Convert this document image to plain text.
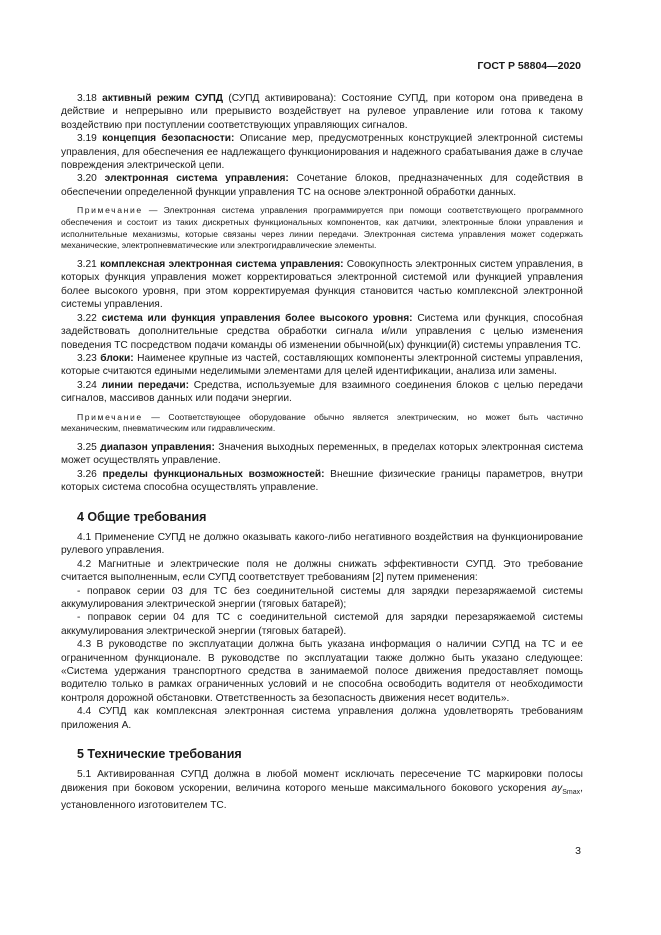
ГОСТ Р 58804—2020

3.18 активный режим СУПД (СУПД активирована): Состояние СУПД, при котором она приведена в действие и непрерывно или прерывисто воздействует на рулевое управление или готова к такому воздействию при поступлении соответствующих управляющих сигналов.

3.19 концепция безопасности: Описание мер, предусмотренных конструкцией электронной системы управления, для обеспечения ее надлежащего функционирования и надежного срабатывания даже в случае повреждения электрической цепи.

3.20 электронная система управления: Сочетание блоков, предназначенных для содействия в обеспечении определенной функции управления ТС на основе электронной обработки данных.

Примечание — Электронная система управления программируется при помощи соответствующего программного обеспечения и состоит из таких дискретных функциональных компонентов, как датчики, электронные блоки управления и исполнительные механизмы, которые связаны через линии передачи. Электронная система управления может содержать механические, электропневматические или электрогидравлические элементы.

3.21 комплексная электронная система управления: Совокупность электронных систем управления, в которых функция управления может корректироваться электронной системой или функцией управления более высокого уровня, при этом корректируемая функция становится частью комплексной электронной системы управления.

3.22 система или функция управления более высокого уровня: Система или функция, способная задействовать дополнительные средства обработки сигнала и/или управления с целью изменения поведения ТС посредством подачи команды об изменении обычной(ых) функции(й) системы управления ТС.

3.23 блоки: Наименее крупные из частей, составляющих компоненты электронной системы управления, которые считаются едиными неделимыми элементами для целей идентификации, анализа или замены.

3.24 линии передачи: Средства, используемые для взаимного соединения блоков с целью передачи сигналов, массивов данных или подачи энергии.

Примечание — Соответствующее оборудование обычно является электрическим, но может быть частично механическим, пневматическим или гидравлическим.

3.25 диапазон управления: Значения выходных переменных, в пределах которых электронная система может осуществлять управление.

3.26 пределы функциональных возможностей: Внешние физические границы параметров, внутри которых система способна осуществлять управление.

4 Общие требования

4.1 Применение СУПД не должно оказывать какого-либо негативного воздействия на функционирование рулевого управления.

4.2 Магнитные и электрические поля не должны снижать эффективности СУПД. Это требование считается выполненным, если СУПД соответствует требованиям [2] путем применения:

- поправок серии 03 для ТС без соединительной системы для зарядки перезаряжаемой системы аккумулирования электрической энергии (тяговых батарей);

- поправок серии 04 для ТС с соединительной системой для зарядки перезаряжаемой системы аккумулирования электрической энергии (тяговых батарей).

4.3 В руководстве по эксплуатации должна быть указана информация о наличии СУПД на ТС и ее ограниченном функционале. В руководстве по эксплуатации также должно быть указано следующее: «Система удержания транспортного средства в занимаемой полосе движения предоставляет помощь водителю только в рамках ограниченных условий и не способна освободить водителя от необходимости контроля дорожной обстановки. Ответственность за безопасность движения несет водитель».

4.4 СУПД как комплексная электронная система управления должна удовлетворять требованиям приложения А.

5 Технические требования

5.1 Активированная СУПД должна в любой момент исключать пересечение ТС маркировки полосы движения при боковом ускорении, величина которого меньше максимального бокового ускорения $ay_{Smax}$, установленного изготовителем ТС.

3
